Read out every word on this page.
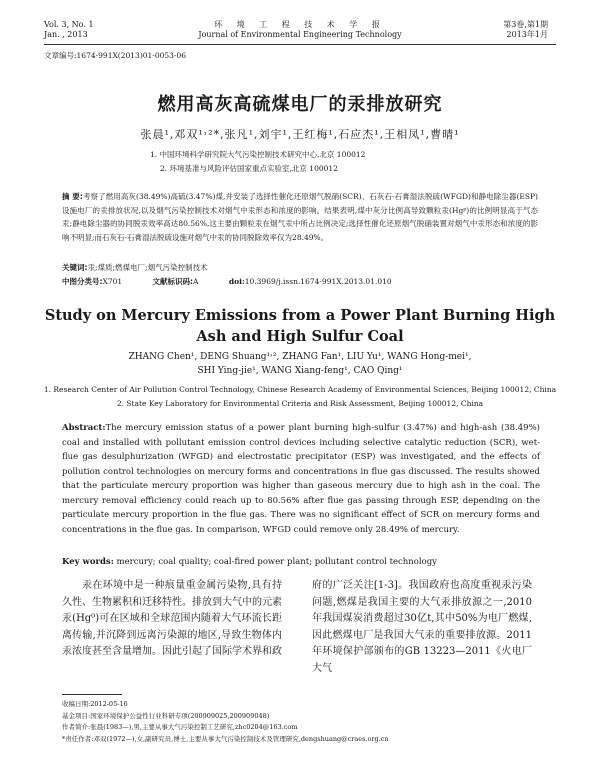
Vol. 3, No. 1
Jan. , 2013
环 境 工 程 技 术 学 报
Journal of Environmental Engineering Technology
第3卷,第1期
2013年1月
文章编号:1674-991X(2013)01-0053-06
燃用高灰高硫煤电厂的汞排放研究
张晨¹,邓双¹˒²*,张凡¹,刘宇¹,王红梅¹,石应杰¹,王相凤¹,曹晴¹
1. 中国环境科学研究院大气污染控制技术研究中心,北京 100012
2. 环境基准与风险评估国家重点实验室,北京 100012
摘 要:考察了燃用高灰(38.49%)高硫(3.47%)煤,并安装了选择性催化还原烟气脱硝(SCR)、石灰石-石膏湿法脱硫(WFGD)和静电除尘器(ESP)设施电厂的汞排放状况,以及烟气污染控制技术对烟气中汞形态和浓度的影响。结果表明,煤中灰分比例高导致颗粒汞(Hgᵖ)的比例明显高于气态汞;静电除尘器的协同脱汞效率高达80.56%,这主要由颗粒汞在烟气汞中所占比例决定;选择性催化还原烟气脱硝装置对烟气中汞形态和浓度的影响不明显;而石灰石-石膏湿法脱硫设施对烟气中汞的协同脱除效率仅为28.49%。
关键词:汞;煤质;燃煤电厂;烟气污染控制技术
中图分类号:X701	文献标识码:A	doi:10.3969/j.issn.1674-991X.2013.01.010
Study on Mercury Emissions from a Power Plant Burning High
Ash and High Sulfur Coal
ZHANG Chen¹, DENG Shuang¹˒², ZHANG Fan¹, LIU Yu¹, WANG Hong-mei¹,
SHI Ying-jie¹, WANG Xiang-feng¹, CAO Qing¹
1. Research Center of Air Pollution Control Technology, Chinese Research Academy of Environmental Sciences, Beijing 100012, China
2. State Key Laboratory for Environmental Criteria and Risk Assessment, Beijing 100012, China
Abstract:The mercury emission status of a power plant burning high-sulfur (3.47%) and high-ash (38.49%) coal and installed with pollutant emission control devices including selective catalytic reduction (SCR), wet-flue gas desulphurization (WFGD) and electrostatic precipitator (ESP) was investigated, and the effects of pollution control technologies on mercury forms and concentrations in flue gas discussed. The results showed that the particulate mercury proportion was higher than gaseous mercury due to high ash in the coal. The mercury removal efficiency could reach up to 80.56% after flue gas passing through ESP, depending on the particulate mercury proportion in the flue gas. There was no significant effect of SCR on mercury forms and concentrations in the flue gas. In comparison, WFGD could remove only 28.49% of mercury.
Key words: mercury; coal quality; coal-fired power plant; pollutant control technology
汞在环境中是一种痕量重金属污染物,具有持久性、生物累积和迁移特性。排放到大气中的元素汞(Hg⁰)可在区域和全球范围内随着大气环流长距离传输,并沉降到远离污染源的地区,导致生物体内汞浓度甚至含量增加。因此引起了国际学术界和政
府的广泛关注[1-3]。我国政府也高度重视汞污染问题,燃煤是我国主要的大气汞排放源之一,2010年我国煤炭消费超过30亿t,其中50%为电厂燃煤,因此燃煤电厂是我国大气汞的重要排放源。2011年环境保护部颁布的GB 13223—2011《火电厂大气
收稿日期:2012-05-16
基金项目:国家环境保护公益性行业科研专项(200909025,200909048)
作者简介:张晨(1983—),男,主要从事大气污染控制工艺研究,zhc0204@163.com
*责任作者:邓双(1972—),女,副研究员,博士,主要从事大气污染控制技术及管理研究,dengshuang@craes.org.cn
